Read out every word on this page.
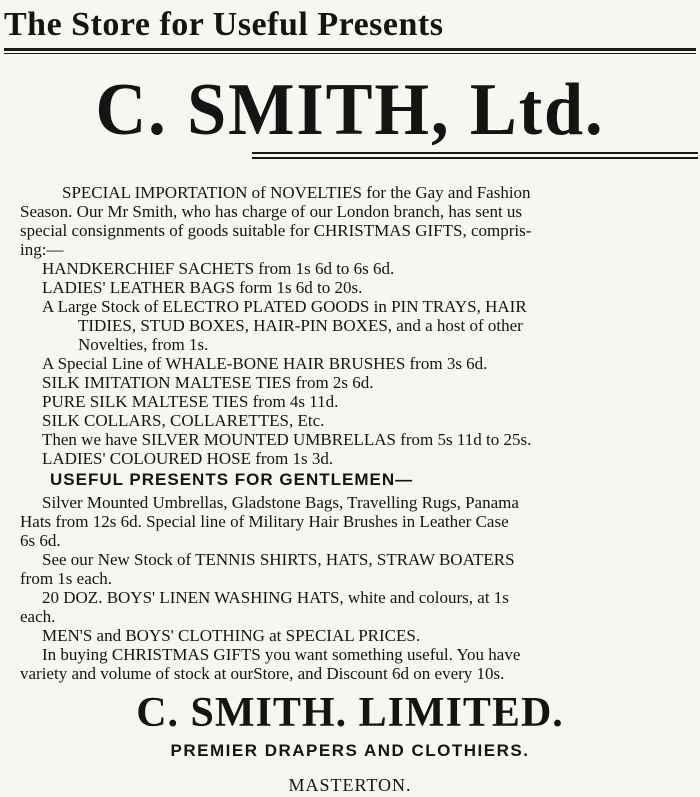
The Store for Useful Presents
C. SMITH, Ltd.
SPECIAL IMPORTATION of NOVELTIES for the Gay and Fashion
Season. Our Mr Smith, who has charge of our London branch, has sent us
special consignments of goods suitable for CHRISTMAS GIFTS, compris-
ing:—
HANDKERCHIEF SACHETS from 1s 6d to 6s 6d.
LADIES' LEATHER BAGS form 1s 6d to 20s.
A Large Stock of ELECTRO PLATED GOODS in PIN TRAYS, HAIR
TIDIES, STUD BOXES, HAIR-PIN BOXES, and a host of other
Novelties, from 1s.
A Special Line of WHALE-BONE HAIR BRUSHES from 3s 6d.
SILK IMITATION MALTESE TIES from 2s 6d.
PURE SILK MALTESE TIES from 4s 11d.
SILK COLLARS, COLLARETTES, Etc.
Then we have SILVER MOUNTED UMBRELLAS from 5s 11d to 25s.
LADIES' COLOURED HOSE from 1s 3d.
USEFUL PRESENTS FOR GENTLEMEN—
Silver Mounted Umbrellas, Gladstone Bags, Travelling Rugs, Panama
Hats from 12s 6d. Special line of Military Hair Brushes in Leather Case
6s 6d.
See our New Stock of TENNIS SHIRTS, HATS, STRAW BOATERS
from 1s each.
20 DOZ. BOYS' LINEN WASHING HATS, white and colours, at 1s
each.
MEN'S and BOYS' CLOTHING at SPECIAL PRICES.
In buying CHRISTMAS GIFTS you want something useful. You have
variety and volume of stock at ourStore, and Discount 6d on every 10s.
C. SMITH. LIMITED.
PREMIER DRAPERS AND CLOTHIERS.
MASTERTON.
